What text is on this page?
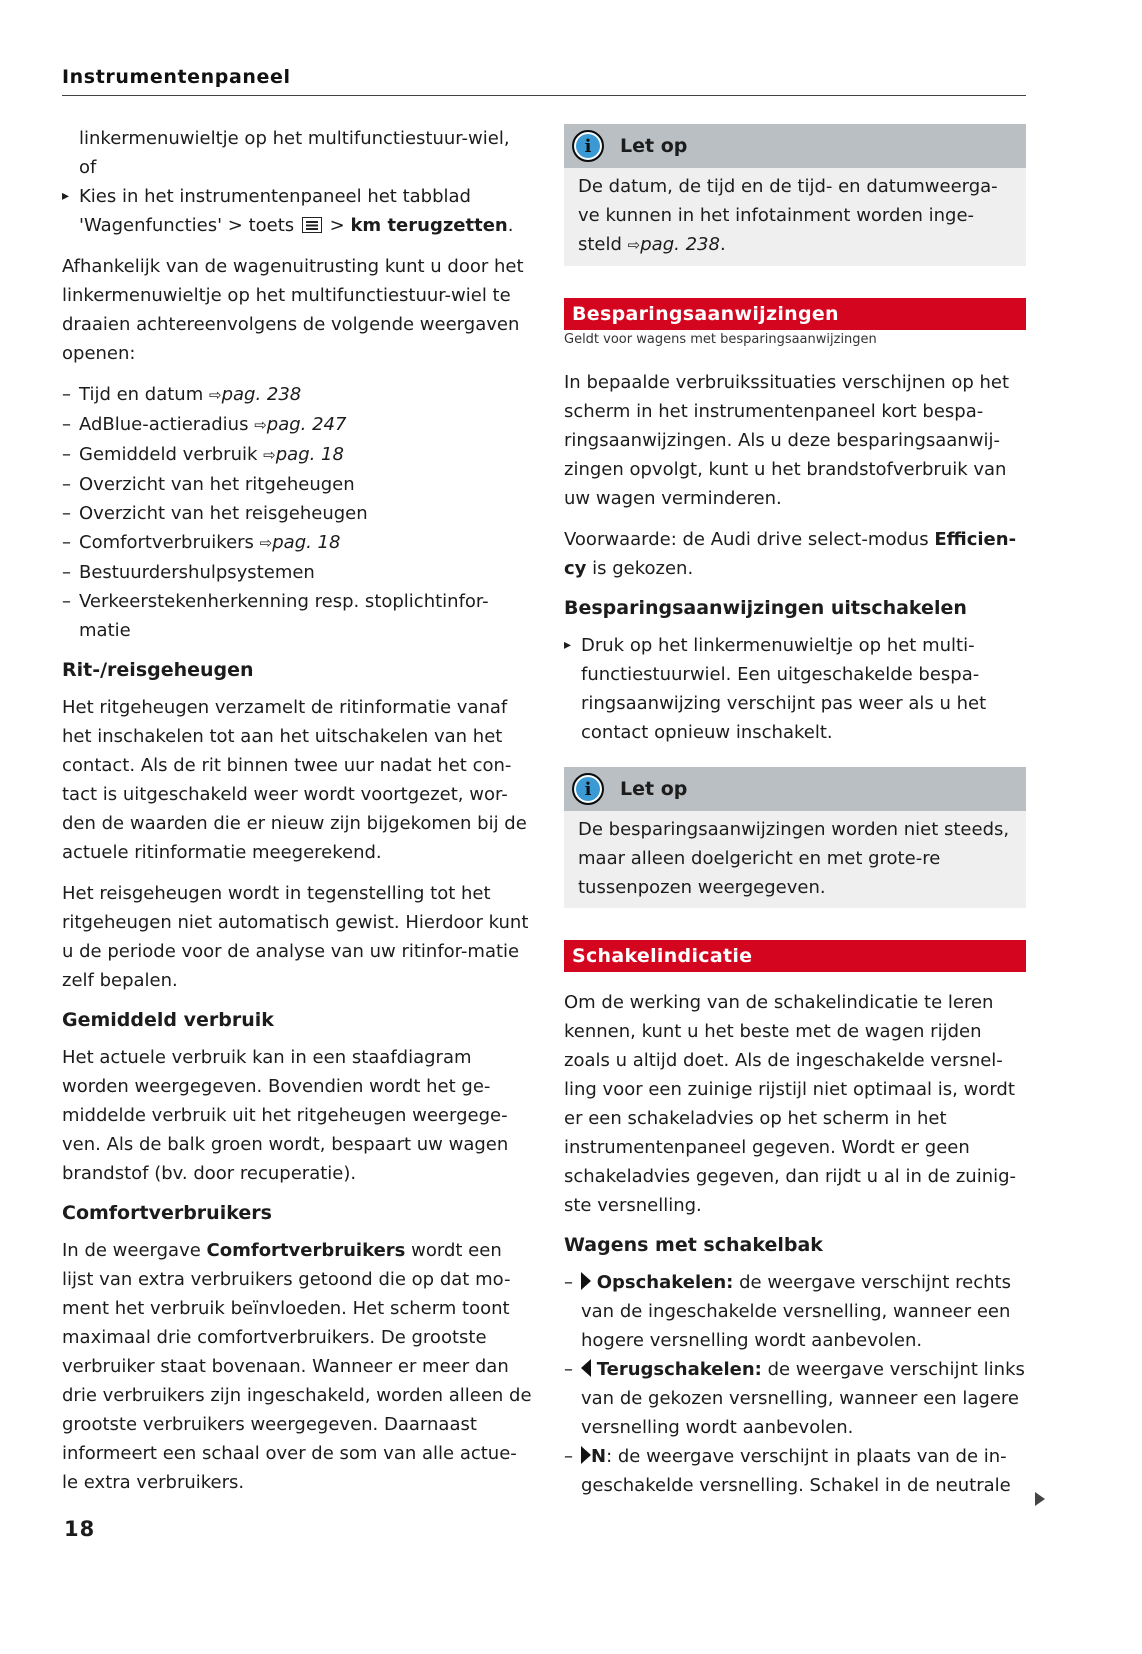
Instrumentenpaneel

linkermenuwieltje op het multifunctiestuur-wiel, of

▸ Kies in het instrumentenpaneel het tabblad 'Wagenfuncties' > toets > km terugzetten.

Afhankelijk van de wagenuitrusting kunt u door het linkermenuwieltje op het multifunctiestuur-wiel te draaien achtereenvolgens de volgende weergaven openen:

– Tijd en datum ⇨pag. 238
– AdBlue-actieradius ⇨pag. 247
– Gemiddeld verbruik ⇨pag. 18
– Overzicht van het ritgeheugen
– Overzicht van het reisgeheugen
– Comfortverbruikers ⇨pag. 18
– Bestuurdershulpsystemen
– Verkeerstekenherkenning resp. stoplichtinfor-matie
Rit-/reisgeheugen

Het ritgeheugen verzamelt de ritinformatie vanaf het inschakelen tot aan het uitschakelen van het contact. Als de rit binnen twee uur nadat het con-tact is uitgeschakeld weer wordt voortgezet, wor-den de waarden die er nieuw zijn bijgekomen bij de actuele ritinformatie meegerekend.

Het reisgeheugen wordt in tegenstelling tot het ritgeheugen niet automatisch gewist. Hierdoor kunt u de periode voor de analyse van uw ritinfor-matie zelf bepalen.

Gemiddeld verbruik

Het actuele verbruik kan in een staafdiagram worden weergegeven. Bovendien wordt het ge-middelde verbruik uit het ritgeheugen weergege-ven. Als de balk groen wordt, bespaart uw wagen brandstof (bv. door recuperatie).

Comfortverbruikers

In de weergave Comfortverbruikers wordt een lijst van extra verbruikers getoond die op dat mo-ment het verbruik beïnvloeden. Het scherm toont maximaal drie comfortverbruikers. De grootste verbruiker staat bovenaan. Wanneer er meer dan drie verbruikers zijn ingeschakeld, worden alleen de grootste verbruikers weergegeven. Daarnaast informeert een schaal over de som van alle actue-le extra verbruikers.

i Let op
De datum, de tijd en de tijd- en datumweerga-ve kunnen in het infotainment worden inge-steld ⇨pag. 238.
Besparingsaanwijzingen
Geldt voor wagens met besparingsaanwijzingen

In bepaalde verbruikssituaties verschijnen op het scherm in het instrumentenpaneel kort bespa-ringsaanwijzingen. Als u deze besparingsaanwij-zingen opvolgt, kunt u het brandstofverbruik van uw wagen verminderen.

Voorwaarde: de Audi drive select-modus Efficien-cy is gekozen.

Besparingsaanwijzingen uitschakelen

▸ Druk op het linkermenuwieltje op het multi-functiestuurwiel. Een uitgeschakelde bespa-ringsaanwijzing verschijnt pas weer als u het contact opnieuw inschakelt.

i Let op
De besparingsaanwijzingen worden niet steeds, maar alleen doelgericht en met grote-re tussenpozen weergegeven.
Schakelindicatie

Om de werking van de schakelindicatie te leren kennen, kunt u het beste met de wagen rijden zoals u altijd doet. Als de ingeschakelde versnel-ling voor een zuinige rijstijl niet optimaal is, wordt er een schakeladvies op het scherm in het instrumentenpaneel gegeven. Wordt er geen schakeladvies gegeven, dan rijdt u al in de zuinig-ste versnelling.

Wagens met schakelbak
– Opschakelen: de weergave verschijnt rechts van de ingeschakelde versnelling, wanneer een hogere versnelling wordt aanbevolen.
– Terugschakelen: de weergave verschijnt links van de gekozen versnelling, wanneer een lagere versnelling wordt aanbevolen.
– N: de weergave verschijnt in plaats van de in-geschakelde versnelling. Schakel in de neutrale
18
